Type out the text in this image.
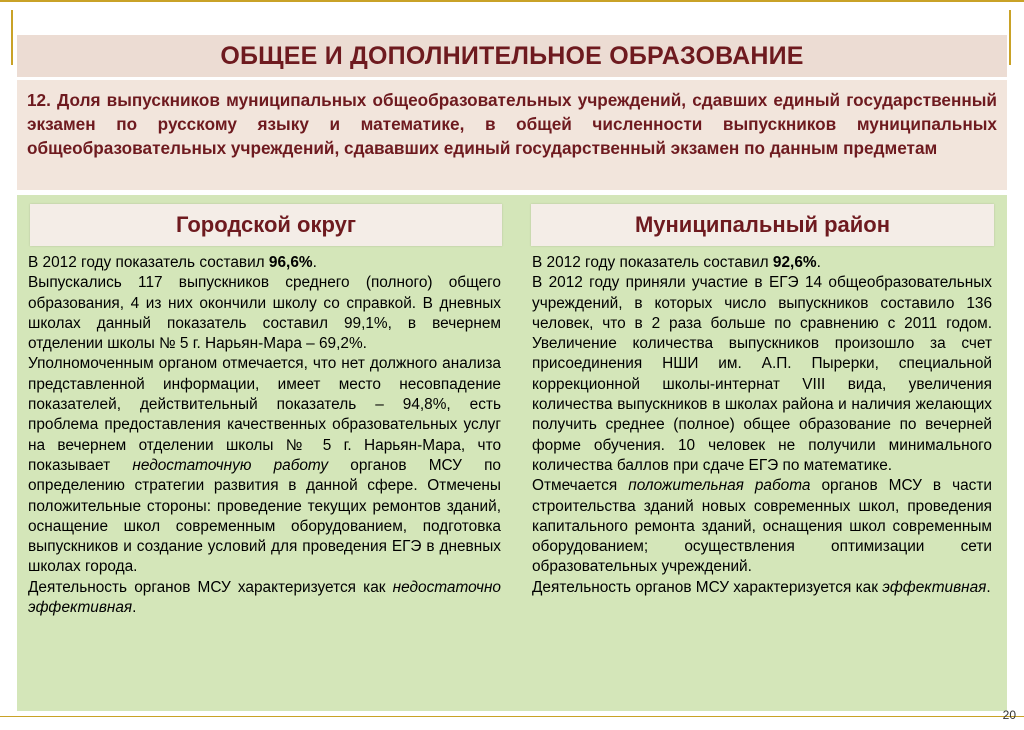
ОБЩЕЕ И ДОПОЛНИТЕЛЬНОЕ ОБРАЗОВАНИЕ

12. Доля выпускников муниципальных общеобразовательных учреждений, сдавших единый государственный экзамен по русскому языку и математике, в общей численности выпускников муниципальных общеобразовательных учреждений, сдававших единый государственный экзамен по данным предметам

Городской округ	Муниципальный район

В 2012 году показатель составил 96,6%.

Выпускались 117 выпускников среднего (полного) общего образования, 4 из них окончили школу со справкой. В дневных школах данный показатель составил 99,1%, в вечернем отделении школы № 5 г. Нарьян-Мара – 69,2%.

Уполномоченным органом отмечается, что нет должного анализа представленной информации, имеет место несовпадение показателей, действительный показатель – 94,8%, есть проблема предоставления качественных образовательных услуг на вечернем отделении школы № 5 г. Нарьян-Мара, что показывает недостаточную работу органов МСУ по определению стратегии развития в данной сфере. Отмечены положительные стороны: проведение текущих ремонтов зданий, оснащение школ современным оборудованием, подготовка выпускников и создание условий для проведения ЕГЭ в дневных школах города.

Деятельность органов МСУ характеризуется как недостаточно эффективная.

В 2012 году показатель составил 92,6%.

В 2012 году приняли участие в ЕГЭ 14 общеобразовательных учреждений, в которых число выпускников составило 136 человек, что в 2 раза больше по сравнению с 2011 годом. Увеличение количества выпускников произошло за счет присоединения НШИ им. А.П. Пырерки, специальной коррекционной школы-интернат VIII вида, увеличения количества выпускников в школах района и наличия желающих получить среднее (полное) общее образование по вечерней форме обучения. 10 человек не получили минимального количества баллов при сдаче ЕГЭ по математике.

Отмечается положительная работа органов МСУ в части строительства зданий новых современных школ, проведения капитального ремонта зданий, оснащения школ современным оборудованием; осуществления оптимизации сети образовательных учреждений.

Деятельность органов МСУ характеризуется как эффективная.

20
